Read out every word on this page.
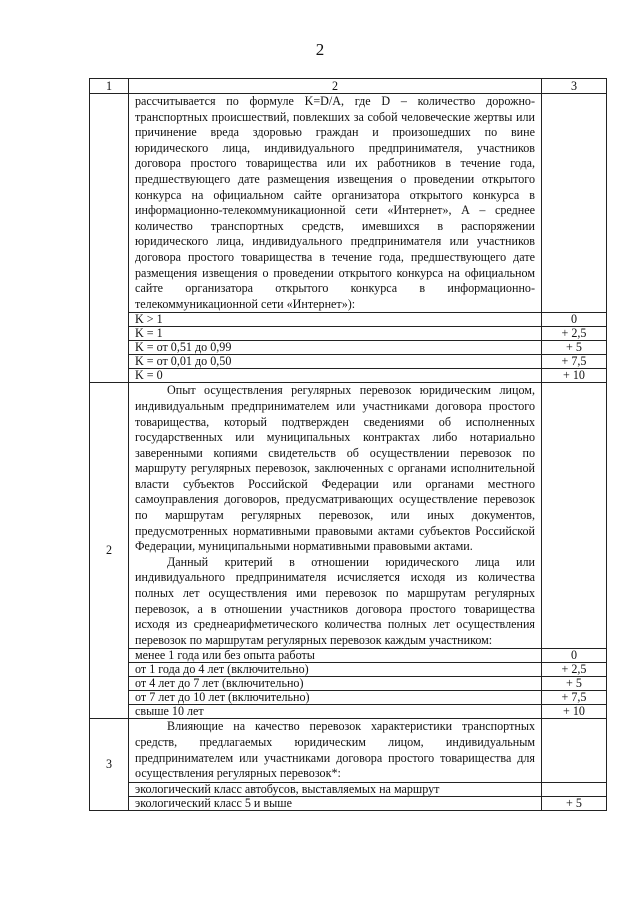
2
1	2	3
	рассчитывается по формуле K=D/A, где D – количество дорожно-транспортных происшествий, повлекших за собой человеческие жертвы или причинение вреда здоровью граждан и произошедших по вине юридического лица, индивидуального предпринимателя, участников договора простого товарищества или их работников в течение года, предшествующего дате размещения извещения о проведении открытого конкурса на официальном сайте организатора открытого конкурса в информационно-телекоммуникационной сети «Интернет», А – среднее количество транспортных средств, имевшихся в распоряжении юридического лица, индивидуального предпринимателя или участников договора простого товарищества в течение года, предшествующего дате размещения извещения о проведении открытого конкурса на официальном сайте организатора открытого конкурса в информационно-телекоммуникационной сети «Интернет»):	
	K > 1	0
	K = 1	+ 2,5
	K = от 0,51 до 0,99	+ 5
	K = от 0,01 до 0,50	+ 7,5
	K = 0	+ 10
2	Опыт осуществления регулярных перевозок юридическим лицом, индивидуальным предпринимателем или участниками договора простого товарищества, который подтвержден сведениями об исполненных государственных или муниципальных контрактах либо нотариально заверенными копиями свидетельств об осуществлении перевозок по маршруту регулярных перевозок, заключенных с органами исполнительной власти субъектов Российской Федерации или органами местного самоуправления договоров, предусматривающих осуществление перевозок по маршрутам регулярных перевозок, или иных документов, предусмотренных нормативными правовыми актами субъектов Российской Федерации, муниципальными нормативными правовыми актами.
Данный критерий в отношении юридического лица или индивидуального предпринимателя исчисляется исходя из количества полных лет осуществления ими перевозок по маршрутам регулярных перевозок, а в отношении участников договора простого товарищества исходя из среднеарифметического количества полных лет осуществления перевозок по маршрутам регулярных перевозок каждым участником:	

	менее 1 года или без опыта работы	0
	от 1 года до 4 лет (включительно)	+ 2,5
	от 4 лет до 7 лет (включительно)	+ 5
	от 7 лет до 10 лет (включительно)	+ 7,5
	свыше 10 лет	+ 10
3	Влияющие на качество перевозок характеристики транспортных средств, предлагаемых юридическим лицом, индивидуальным предпринимателем или участниками договора простого товарищества для осуществления регулярных перевозок*:	

	экологический класс автобусов, выставляемых на маршрут	
	экологический класс 5 и выше	+ 5
